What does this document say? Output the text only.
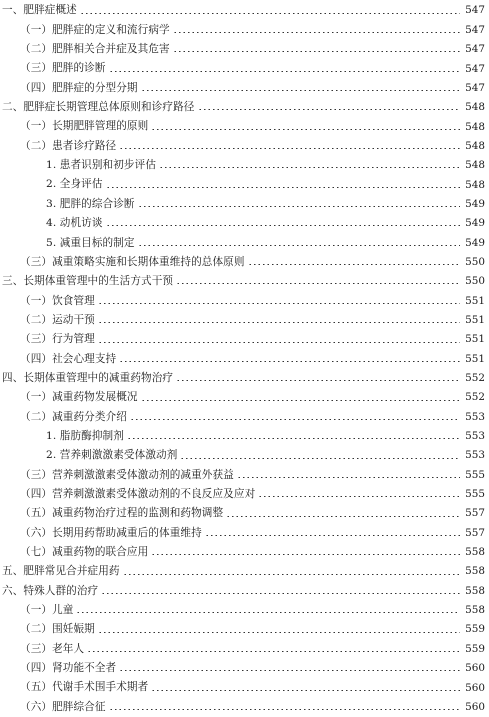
一、肥胖症概述	547
（一）肥胖症的定义和流行病学	547
（二）肥胖相关合并症及其危害	547
（三）肥胖的诊断	547
（四）肥胖症的分型分期	547
二、肥胖症长期管理总体原则和诊疗路径	548
（一）长期肥胖管理的原则	548
（二）患者诊疗路径	548
1. 患者识别和初步评估	548
2. 全身评估	548
3. 肥胖的综合诊断	549
4. 动机访谈	549
5. 减重目标的制定	549
（三）减重策略实施和长期体重维持的总体原则	550
三、长期体重管理中的生活方式干预	550
（一）饮食管理	551
（二）运动干预	551
（三）行为管理	551
（四）社会心理支持	551
四、长期体重管理中的减重药物治疗	552
（一）减重药物发展概况	552
（二）减重药分类介绍	553
1. 脂肪酶抑制剂	553
2. 营养刺激激素受体激动剂	553
（三）营养刺激激素受体激动剂的减重外获益	555
（四）营养刺激激素受体激动剂的不良反应及应对	555
（五）减重药物治疗过程的监测和药物调整	557
（六）长期用药帮助减重后的体重维持	557
（七）减重药物的联合应用	558
五、肥胖常见合并症用药	558
六、特殊人群的治疗	558
（一）儿童	558
（二）围妊娠期	559
（三）老年人	559
（四）肾功能不全者	560
（五）代谢手术围手术期者	560
（六）肥胖综合征	560
